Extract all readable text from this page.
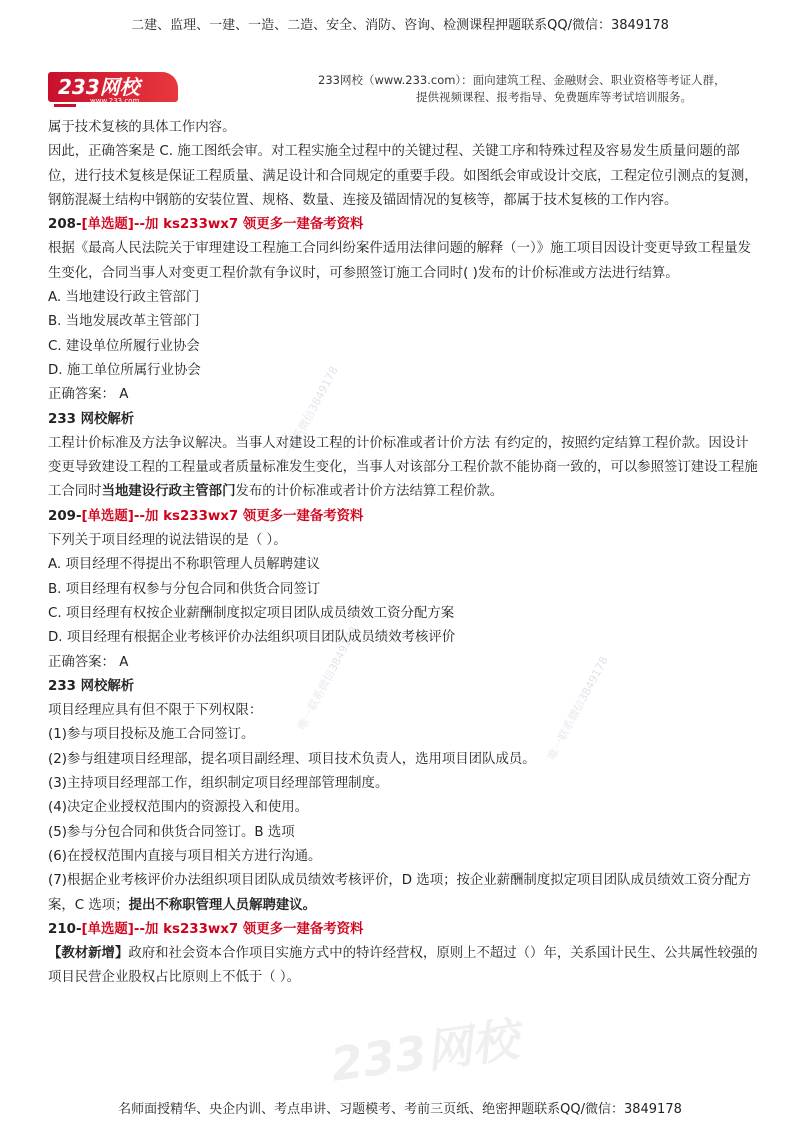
二建、监理、一建、一造、二造、安全、消防、咨询、检测课程押题联系QQ/微信：3849178
233网校
www.233.com
233网校（www.233.com）：面向建筑工程、金融财会、职业资格等考证人群，
提供视频课程、报考指导、免费题库等考试培训服务。
唯一联系微信3849178
唯一联系微信3849178
唯一联系微信3849178
233网校

属于技术复核的具体工作内容。

因此，正确答案是 C. 施工图纸会审。对工程实施全过程中的关键过程、关键工序和特殊过程及容易发生质量问题的部位，进行技术复核是保证工程质量、满足设计和合同规定的重要手段。如图纸会审或设计交底，工程定位引测点的复测，钢筋混凝土结构中钢筋的安装位置、规格、数量、连接及锚固情况的复核等，都属于技术复核的工作内容。

208-[单选题]--加 ks233wx7 领更多一建备考资料

根据《最高人民法院关于审理建设工程施工合同纠纷案件适用法律问题的解释（一）》施工项目因设计变更导致工程量发生变化，合同当事人对变更工程价款有争议时，可参照签订施工合同时( )发布的计价标准或方法进行结算。

A. 当地建设行政主管部门

B. 当地发展改革主管部门

C. 建设单位所履行业协会

D. 施工单位所属行业协会

正确答案： A

233 网校解析

工程计价标准及方法争议解决。当事人对建设工程的计价标准或者计价方法 有约定的，按照约定结算工程价款。因设计变更导致建设工程的工程量或者质量标准发生变化，当事人对该部分工程价款不能协商一致的，可以参照签订建设工程施工合同时当地建设行政主管部门发布的计价标准或者计价方法结算工程价款。

209-[单选题]--加 ks233wx7 领更多一建备考资料

下列关于项目经理的说法错误的是（ ）。

A. 项目经理不得提出不称职管理人员解聘建议

B. 项目经理有权参与分包合同和供货合同签订

C. 项目经理有权按企业薪酬制度拟定项目团队成员绩效工资分配方案

D. 项目经理有根据企业考核评价办法组织项目团队成员绩效考核评价

正确答案： A

233 网校解析

项目经理应具有但不限于下列权限：

(1)参与项目投标及施工合同签订。

(2)参与组建项目经理部，提名项目副经理、项目技术负责人，选用项目团队成员。

(3)主持项目经理部工作，组织制定项目经理部管理制度。

(4)决定企业授权范围内的资源投入和使用。

(5)参与分包合同和供货合同签订。B 选项

(6)在授权范围内直接与项目相关方进行沟通。

(7)根据企业考核评价办法组织项目团队成员绩效考核评价，D 选项；按企业薪酬制度拟定项目团队成员绩效工资分配方案，C 选项；提出不称职管理人员解聘建议。

210-[单选题]--加 ks233wx7 领更多一建备考资料

【教材新增】政府和社会资本合作项目实施方式中的特许经营权，原则上不超过（）年，关系国计民生、公共属性较强的项目民营企业股权占比原则上不低于（ ）。

名师面授精华、央企内训、考点串讲、习题模考、考前三页纸、绝密押题联系QQ/微信：3849178
